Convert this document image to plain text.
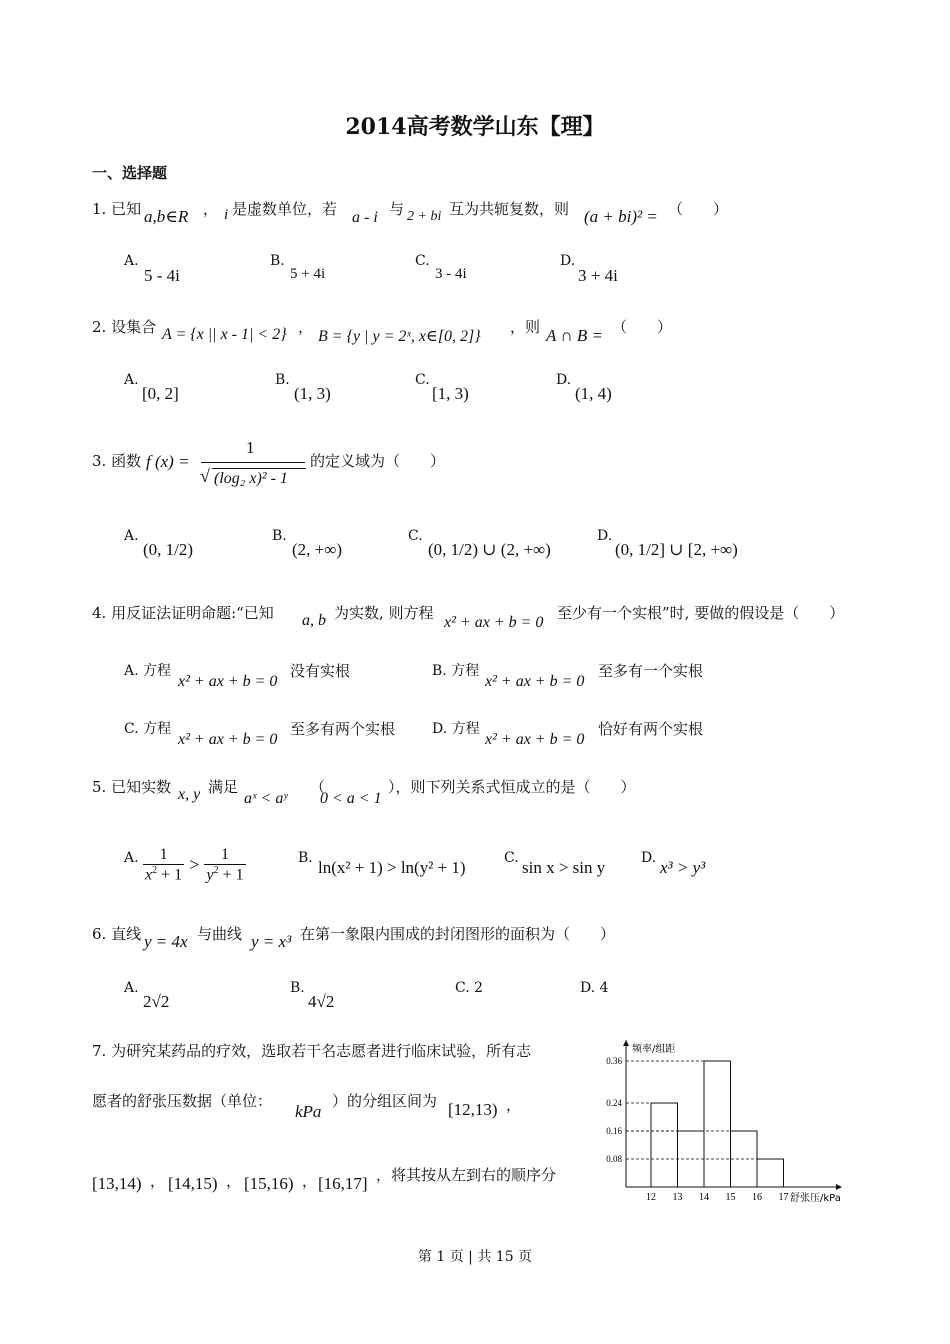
2014高考数学山东【理】
一、选择题
1. 已知 a,b∈R ， i 是虚数单位，若 a - i 与 2 + bi 互为共轭复数，则 (a + bi)² = （　　）
A.
5 - 4i
B.
5 + 4i
C.
3 - 4i
D.
3 + 4i
2. 设集合 A = {x || x - 1| < 2} ，
B = {y | y = 2ˣ, x∈[0, 2]}
，则 A ∩ B = （　　）
A.
[0, 2]
B.
(1, 3)
C.
[1, 3)
D.
(1, 4)
3. 函数 f (x) =
1
√ (log₂ x)² - 1
的定义域为（　　）
A.
(0, 1/2)
B.
(2, +∞)
C.
(0, 1/2) ∪ (2, +∞)
D.
(0, 1/2] ∪ [2, +∞)
4. 用反证法证明命题:“已知 a, b 为实数, 则方程
x² + ax + b = 0
至少有一个实根”时, 要做的假设是（　　）
A. 方程
x² + ax + b = 0
没有实根	B. 方程
x² + ax + b = 0
至多有一个实根
C. 方程
x² + ax + b = 0
至多有两个实根	D. 方程
x² + ax + b = 0
恰好有两个实根
5. 已知实数 x, y 满足
aˣ < aʸ
（
0 < a < 1
），则下列关系式恒成立的是（　　）
A. $\frac{1}{x^2 + 1} > \frac{1}{y^2 + 1}$	B. ln(x² + 1) > ln(y² + 1)	C. sin x > sin y	D. x³ > y³
6. 直线 y = 4x 与曲线 y = x³ 在第一象限内围成的封闭图形的面积为（　　）
A.
2√2
B.
4√2
C. 2	D. 4
7. 为研究某药品的疗效，选取若干名志愿者进行临床试验，所有志
愿者的舒张压数据（单位：
kPa
）的分组区间为 [12,13) ，
[13,14) ， [14,15) ， [15,16) ， [16,17] ，将其按从左到右的顺序分
0.08
0.16
0.24
0.36
12 13 14 15 16 17
频率/组距
舒张压/kPa
第 1 页 | 共 15 页
